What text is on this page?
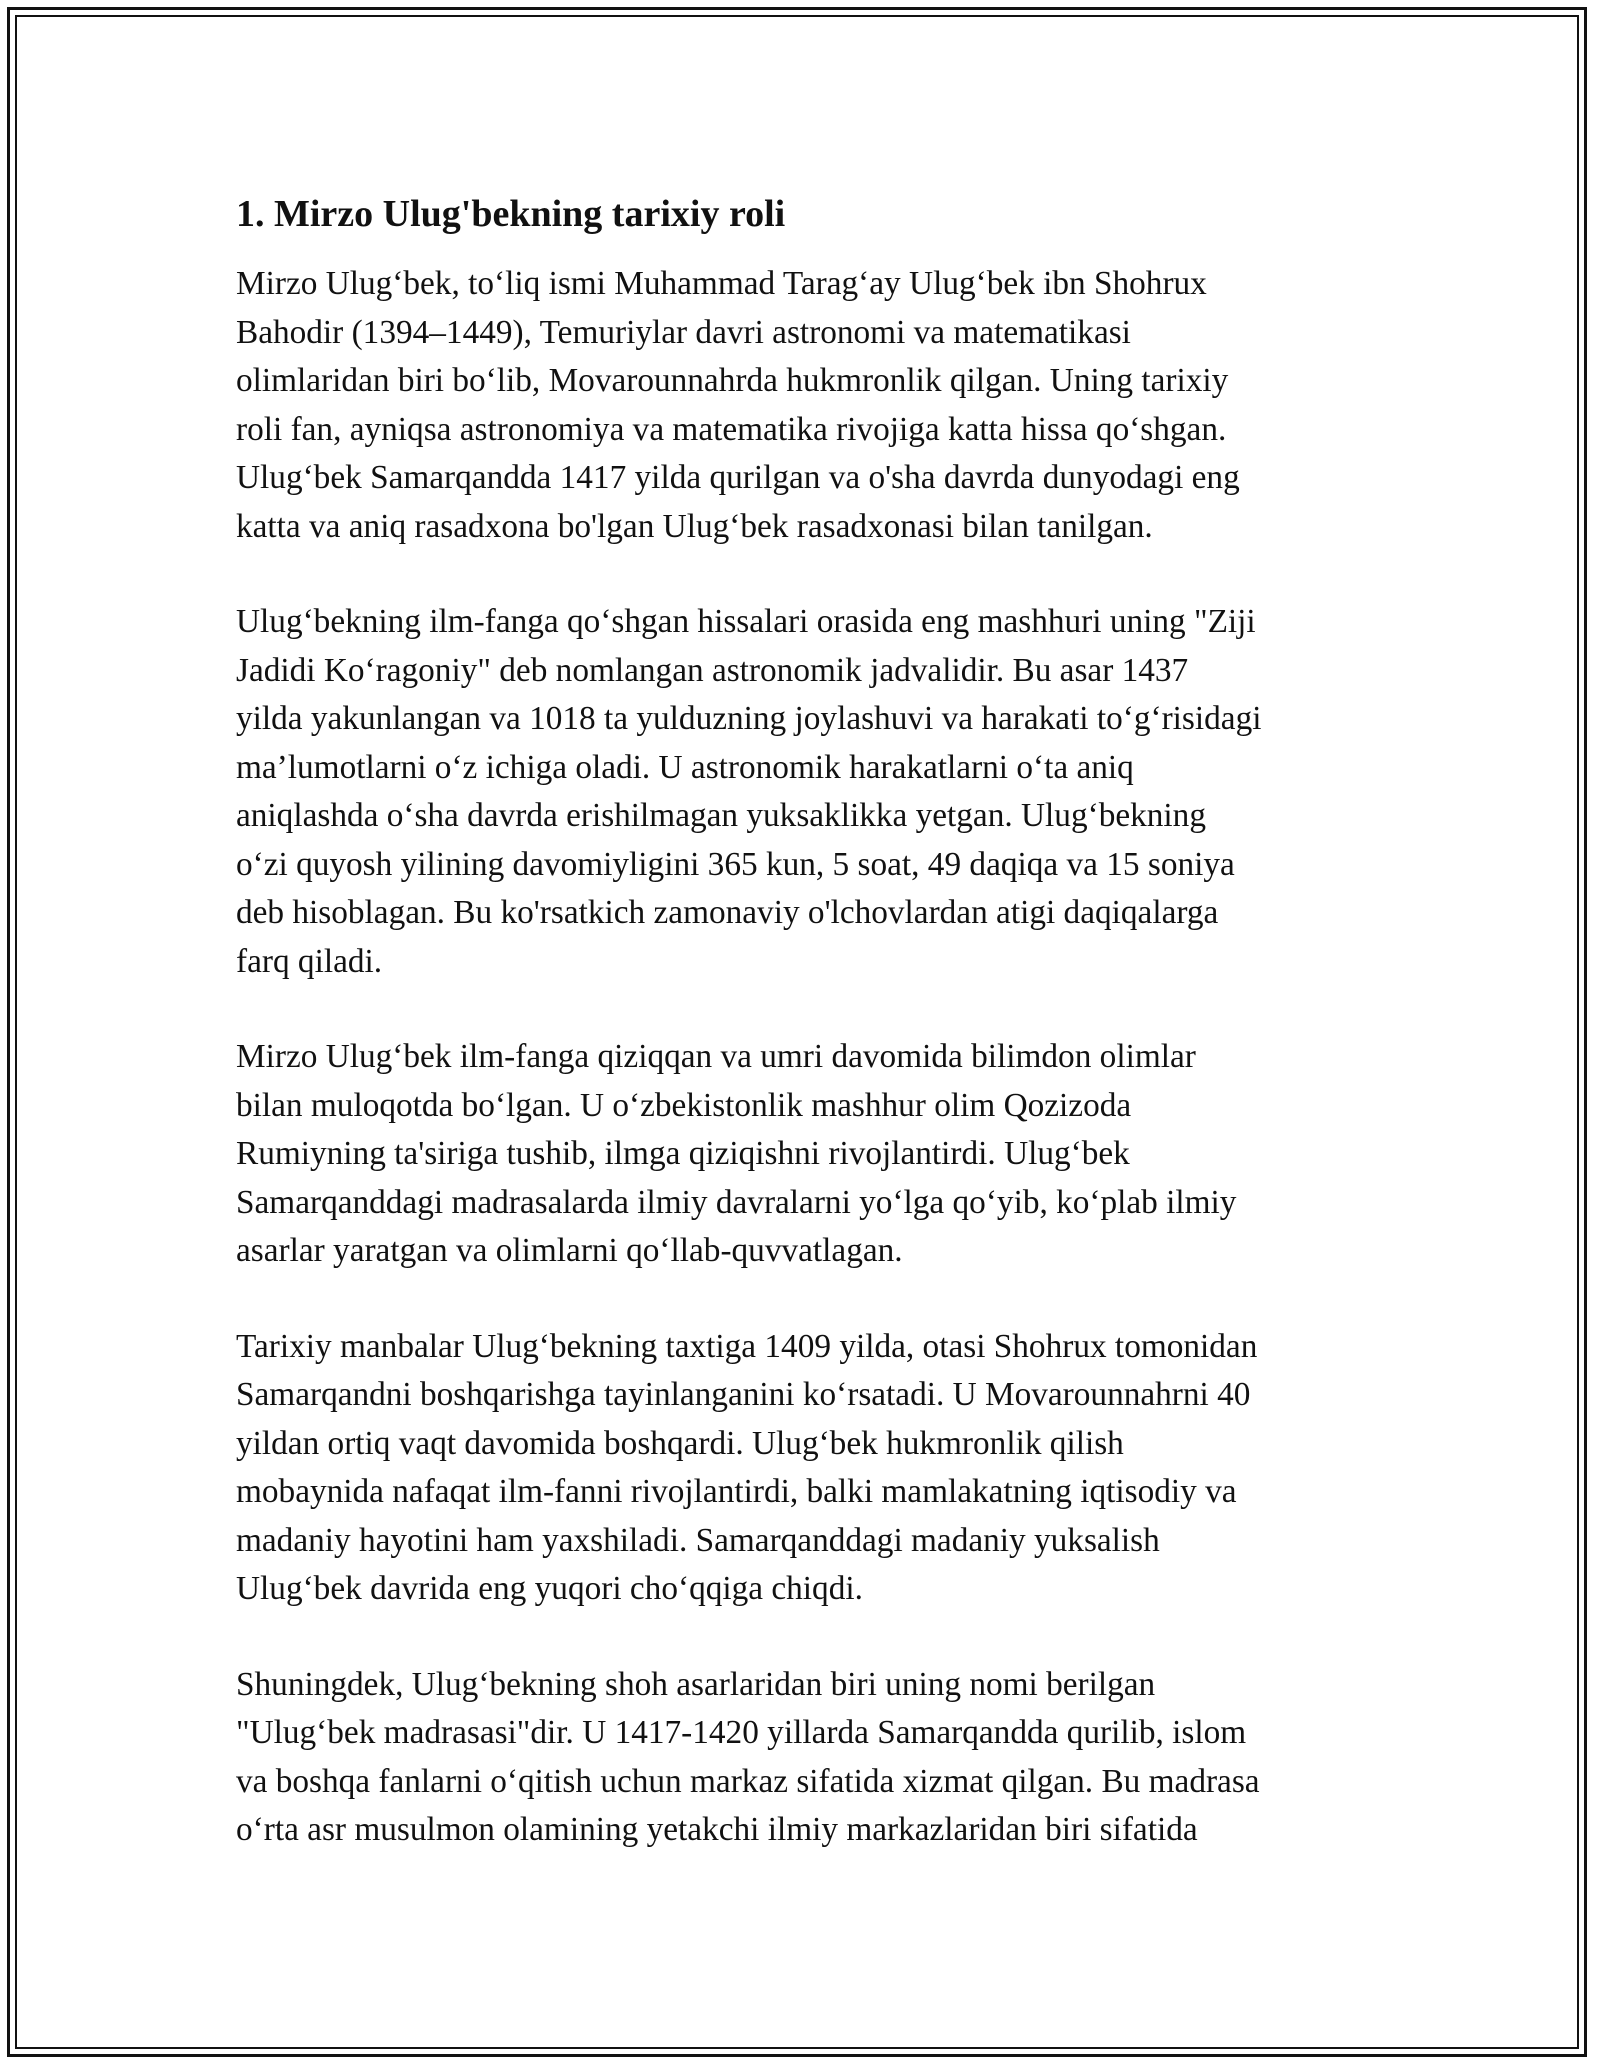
1. Mirzo Ulug'bekning tarixiy roli

Mirzo Ulug‘bek, to‘liq ismi Muhammad Tarag‘ay Ulug‘bek ibn Shohrux
Bahodir (1394–1449), Temuriylar davri astronomi va matematikasi
olimlaridan biri bo‘lib, Movarounnahrda hukmronlik qilgan. Uning tarixiy
roli fan, ayniqsa astronomiya va matematika rivojiga katta hissa qo‘shgan.
Ulug‘bek Samarqandda 1417 yilda qurilgan va o'sha davrda dunyodagi eng
katta va aniq rasadxona bo'lgan Ulug‘bek rasadxonasi bilan tanilgan.

Ulug‘bekning ilm-fanga qo‘shgan hissalari orasida eng mashhuri uning "Ziji
Jadidi Ko‘ragoniy" deb nomlangan astronomik jadvalidir. Bu asar 1437
yilda yakunlangan va 1018 ta yulduzning joylashuvi va harakati to‘g‘risidagi
ma’lumotlarni o‘z ichiga oladi. U astronomik harakatlarni o‘ta aniq
aniqlashda o‘sha davrda erishilmagan yuksaklikka yetgan. Ulug‘bekning
o‘zi quyosh yilining davomiyligini 365 kun, 5 soat, 49 daqiqa va 15 soniya
deb hisoblagan. Bu ko'rsatkich zamonaviy o'lchovlardan atigi daqiqalarga
farq qiladi.

Mirzo Ulug‘bek ilm-fanga qiziqqan va umri davomida bilimdon olimlar
bilan muloqotda bo‘lgan. U o‘zbekistonlik mashhur olim Qozizoda
Rumiyning ta'siriga tushib, ilmga qiziqishni rivojlantirdi. Ulug‘bek
Samarqanddagi madrasalarda ilmiy davralarni yo‘lga qo‘yib, ko‘plab ilmiy
asarlar yaratgan va olimlarni qo‘llab-quvvatlagan.

Tarixiy manbalar Ulug‘bekning taxtiga 1409 yilda, otasi Shohrux tomonidan
Samarqandni boshqarishga tayinlanganini ko‘rsatadi. U Movarounnahrni 40
yildan ortiq vaqt davomida boshqardi. Ulug‘bek hukmronlik qilish
mobaynida nafaqat ilm-fanni rivojlantirdi, balki mamlakatning iqtisodiy va
madaniy hayotini ham yaxshiladi. Samarqanddagi madaniy yuksalish
Ulug‘bek davrida eng yuqori cho‘qqiga chiqdi.

Shuningdek, Ulug‘bekning shoh asarlaridan biri uning nomi berilgan
"Ulug‘bek madrasasi"dir. U 1417-1420 yillarda Samarqandda qurilib, islom
va boshqa fanlarni o‘qitish uchun markaz sifatida xizmat qilgan. Bu madrasa
o‘rta asr musulmon olamining yetakchi ilmiy markazlaridan biri sifatida
